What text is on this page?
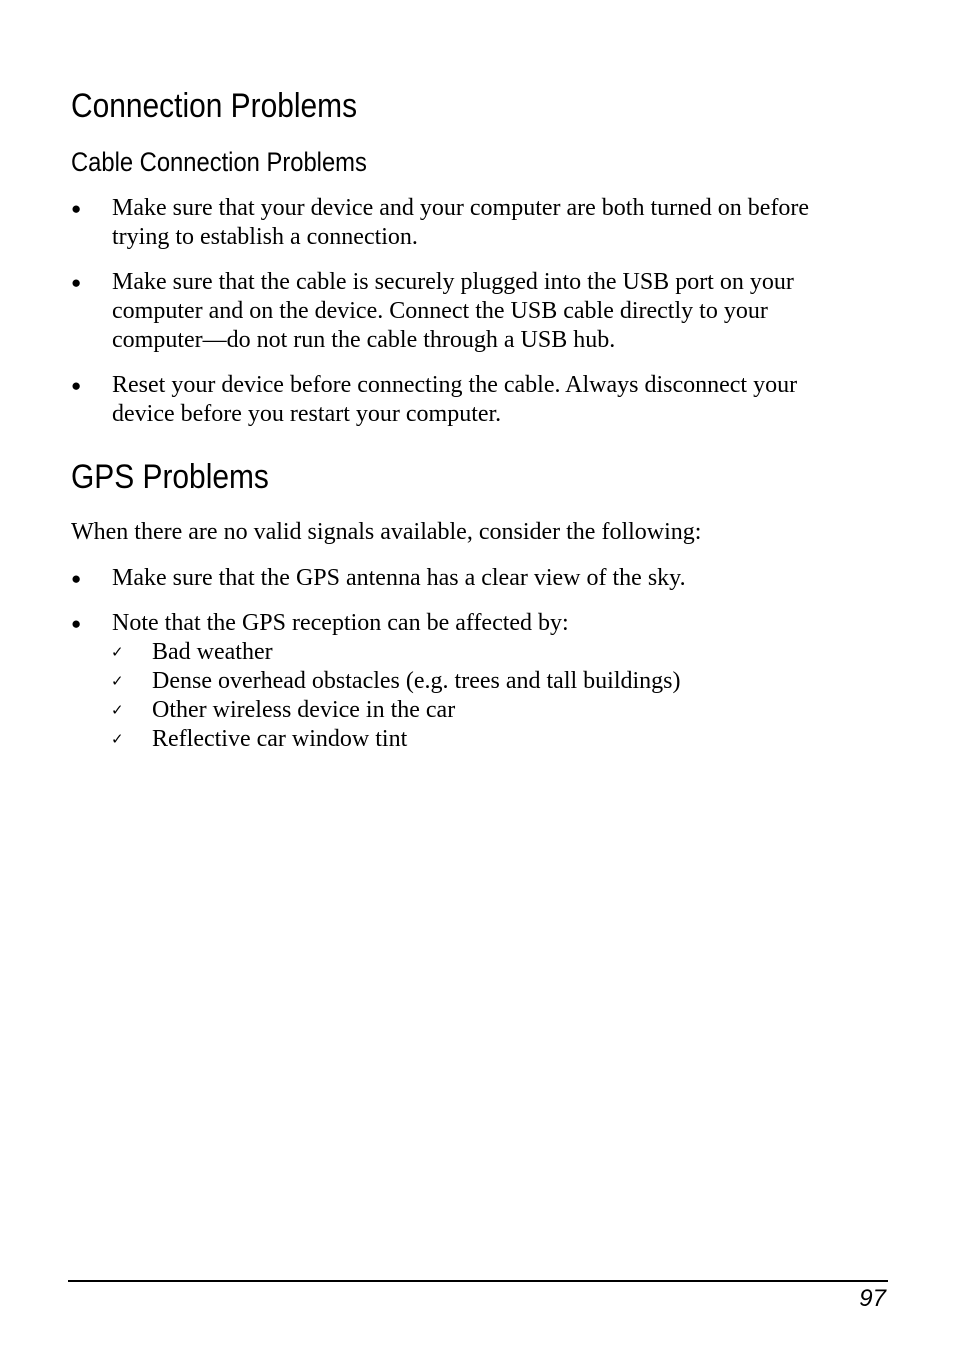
Connection Problems
Cable Connection Problems
●	Make sure that your device and your computer are both turned on before trying to establish a connection.
●	Make sure that the cable is securely plugged into the USB port on your computer and on the device. Connect the USB cable directly to your computer—do not run the cable through a USB hub.
●	Reset your device before connecting the cable. Always disconnect your device before you restart your computer.
GPS Problems

When there are no valid signals available, consider the following:

●	Make sure that the GPS antenna has a clear view of the sky.
●	Note that the GPS reception can be affected by:
✓ Bad weather
✓ Dense overhead obstacles (e.g. trees and tall buildings)
✓ Other wireless device in the car
✓ Reflective car window tint
97
